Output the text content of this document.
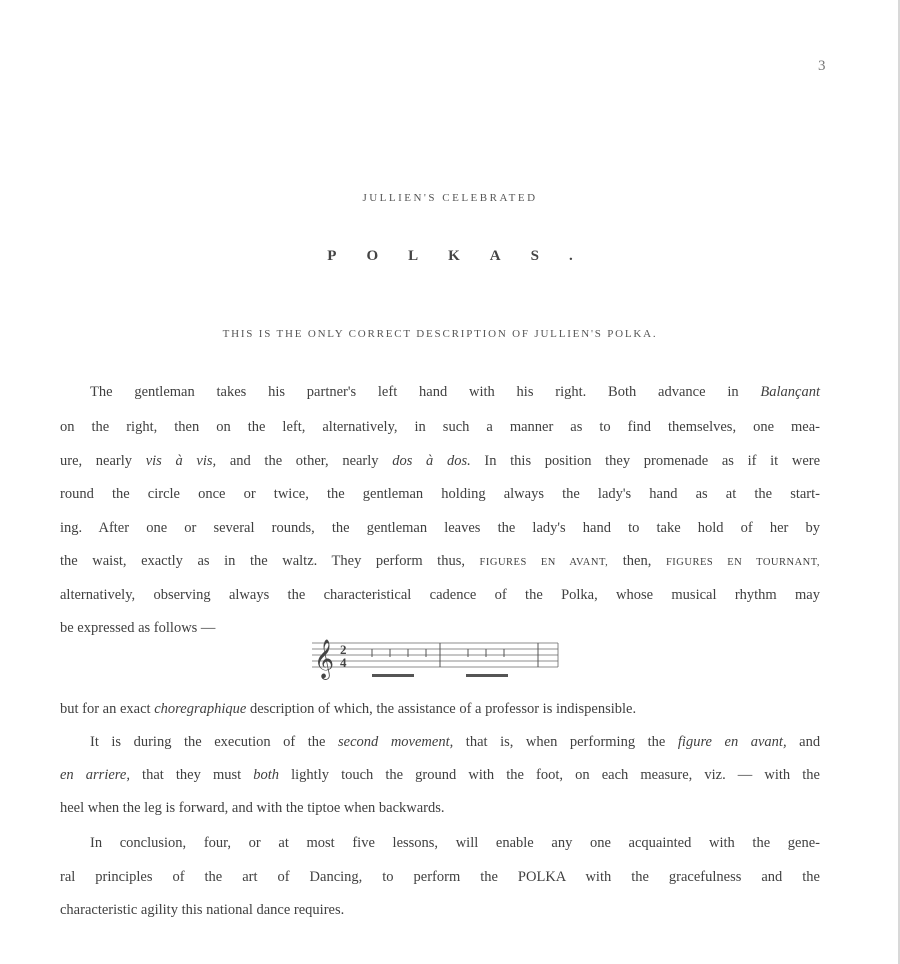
3
JULLIEN'S CELEBRATED
POLKAS.
THIS IS THE ONLY CORRECT DESCRIPTION OF JULLIEN'S POLKA.
The gentleman takes his partner's left hand with his right. Both advance in Balançant
on the right, then on the left, alternatively, in such a manner as to find themselves, one mea-
ure, nearly vis à vis, and the other, nearly dos à dos. In this position they promenade as if it were
round the circle once or twice, the gentleman holding always the lady's hand as at the start-
ing. After one or several rounds, the gentleman leaves the lady's hand to take hold of her by
the waist, exactly as in the waltz. They perform thus, FIGURES EN AVANT, then, FIGURES EN TOURNANT,
alternatively, observing always the characteristical cadence of the Polka, whose musical rhythm may
be expressed as follows —
𝄞 2
4
but for an exact choregraphique description of which, the assistance of a professor is indispensible.
It is during the execution of the second movement, that is, when performing the figure en avant, and
en arriere, that they must both lightly touch the ground with the foot, on each measure, viz. — with the
heel when the leg is forward, and with the tiptoe when backwards.
In conclusion, four, or at most five lessons, will enable any one acquainted with the gene-
ral principles of the art of Dancing, to perform the POLKA with the gracefulness and the
characteristic agility this national dance requires.
